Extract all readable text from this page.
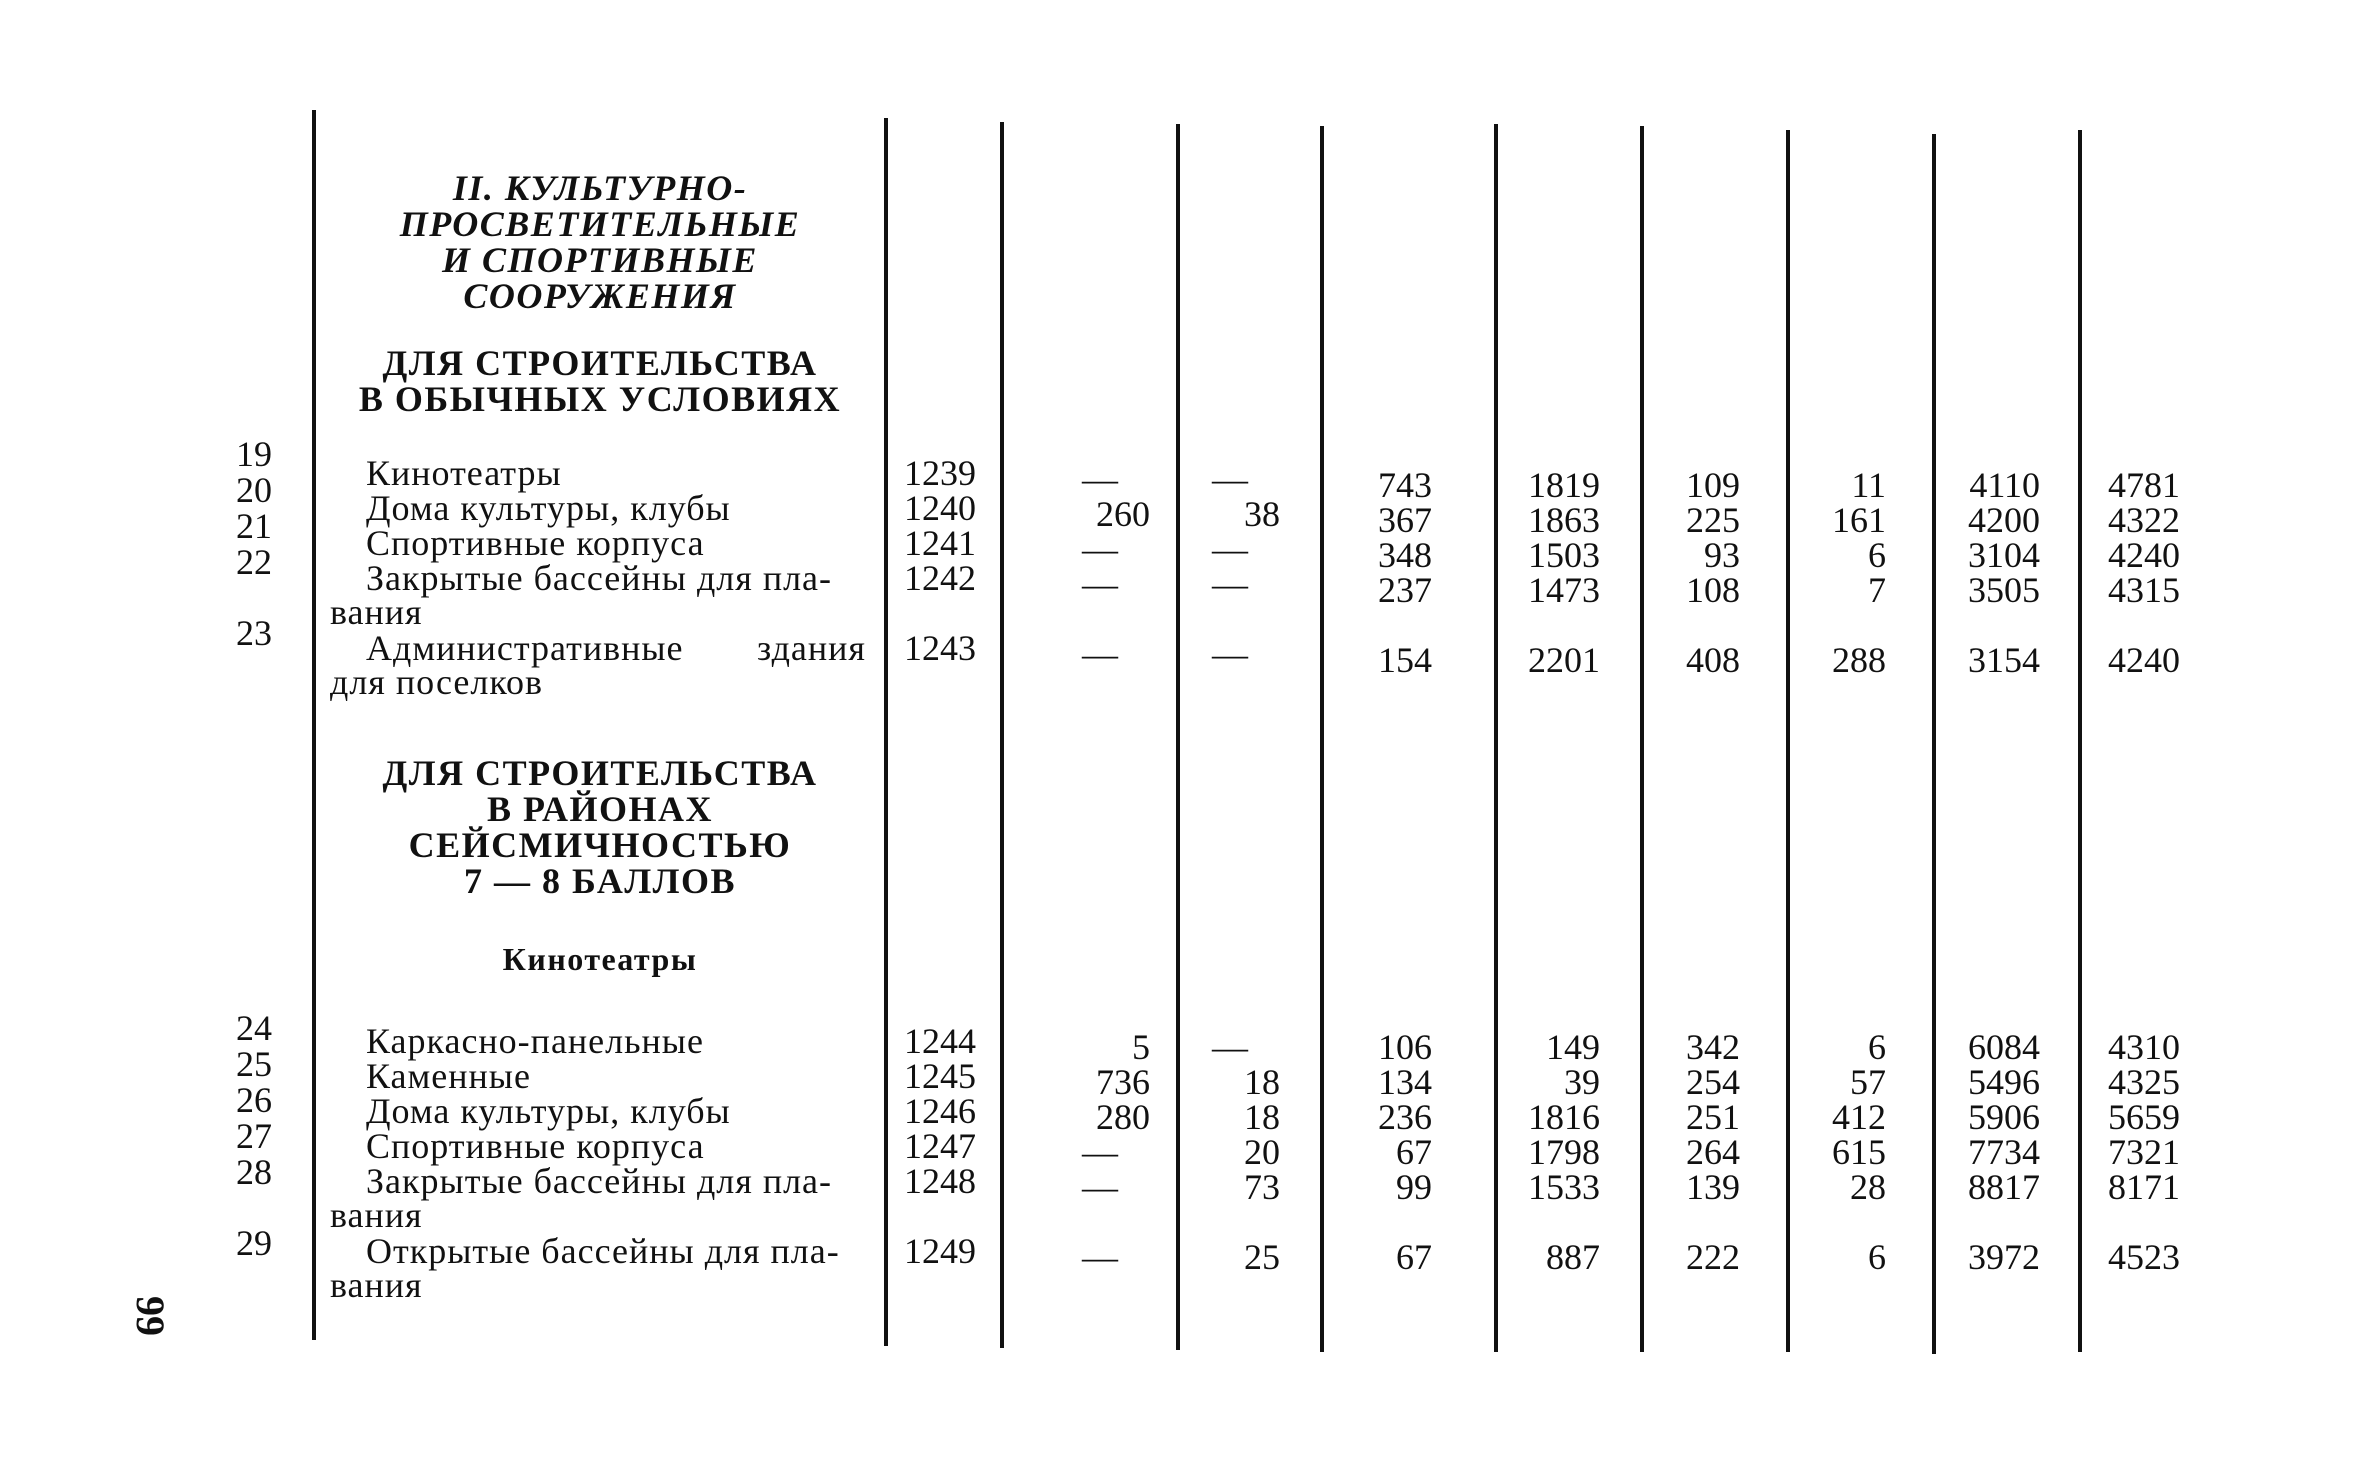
99
II. КУЛЬТУРНО-
ПРОСВЕТИТЕЛЬНЫЕ
И СПОРТИВНЫЕ
СООРУЖЕНИЯ
ДЛЯ СТРОИТЕЛЬСТВА
В ОБЫЧНЫХ УСЛОВИЯХ
ДЛЯ СТРОИТЕЛЬСТВА
В РАЙОНАХ
СЕЙСМИЧНОСТЬЮ
7 — 8 БАЛЛОВ
Кинотеатры
19	Кинотеатры	1239	—	—	743	1819	109	11	4110	4781
20	Дома культуры, клубы	1240	260	38	367	1863	225	161	4200	4322
21	Спортивные корпуса	1241	—	—	348	1503	93	6	3104	4240
22	Закрытые бассейны для пла-
вания
1242	—	—	237	1473	108	7	3505	4315
23	Административные здания
для поселков
1243	—	—	154	2201	408	288	3154	4240
24	Каркасно-панельные	1244	5	—	106	149	342	6	6084	4310
25	Каменные	1245	736	18	134	39	254	57	5496	4325
26	Дома культуры, клубы	1246	280	18	236	1816	251	412	5906	5659
27	Спортивные корпуса	1247	—	20	67	1798	264	615	7734	7321
28	Закрытые бассейны для пла-
вания
1248	—	73	99	1533	139	28	8817	8171
29	Открытые бассейны для пла-
вания
1249	—	25	67	887	222	6	3972	4523
